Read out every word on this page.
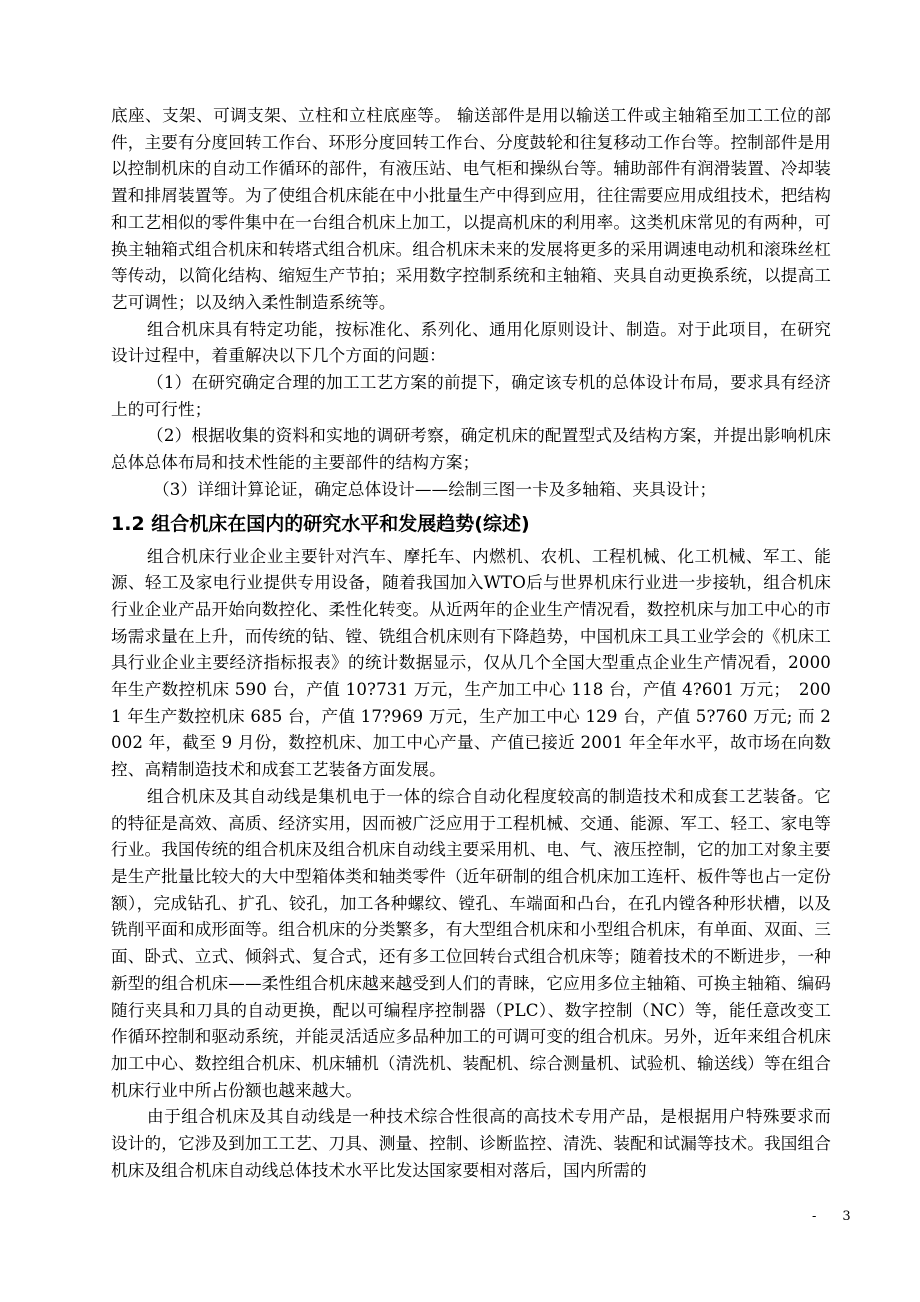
底座、支架、可调支架、立柱和立柱底座等。 输送部件是用以输送工件或主轴箱至加工工位的部件，主要有分度回转工作台、环形分度回转工作台、分度鼓轮和往复移动工作台等。控制部件是用以控制机床的自动工作循环的部件，有液压站、电气柜和操纵台等。辅助部件有润滑装置、冷却装置和排屑装置等。为了使组合机床能在中小批量生产中得到应用，往往需要应用成组技术，把结构和工艺相似的零件集中在一台组合机床上加工，以提高机床的利用率。这类机床常见的有两种，可换主轴箱式组合机床和转塔式组合机床。组合机床未来的发展将更多的采用调速电动机和滚珠丝杠等传动，以简化结构、缩短生产节拍；采用数字控制系统和主轴箱、夹具自动更换系统，以提高工艺可调性；以及纳入柔性制造系统等。

组合机床具有特定功能，按标准化、系列化、通用化原则设计、制造。对于此项目，在研究设计过程中，着重解决以下几个方面的问题：

（1）在研究确定合理的加工工艺方案的前提下，确定该专机的总体设计布局，要求具有经济上的可行性；

（2）根据收集的资料和实地的调研考察，确定机床的配置型式及结构方案，并提出影响机床总体总体布局和技术性能的主要部件的结构方案；

（3）详细计算论证，确定总体设计——绘制三图一卡及多轴箱、夹具设计；

1.2 组合机床在国内的研究水平和发展趋势(综述)

组合机床行业企业主要针对汽车、摩托车、内燃机、农机、工程机械、化工机械、军工、能源、轻工及家电行业提供专用设备，随着我国加入WTO后与世界机床行业进一步接轨，组合机床行业企业产品开始向数控化、柔性化转变。从近两年的企业生产情况看，数控机床与加工中心的市场需求量在上升，而传统的钻、镗、铣组合机床则有下降趋势，中国机床工具工业学会的《机床工具行业企业主要经济指标报表》的统计数据显示，仅从几个全国大型重点企业生产情况看，2000 年生产数控机床 590 台，产值 10?731 万元，生产加工中心 118 台，产值 4?601 万元；　2001 年生产数控机床 685 台，产值 17?969 万元，生产加工中心 129 台，产值 5?760 万元; 而 2002 年，截至 9 月份，数控机床、加工中心产量、产值已接近 2001 年全年水平，故市场在向数控、高精制造技术和成套工艺装备方面发展。

组合机床及其自动线是集机电于一体的综合自动化程度较高的制造技术和成套工艺装备。它的特征是高效、高质、经济实用，因而被广泛应用于工程机械、交通、能源、军工、轻工、家电等行业。我国传统的组合机床及组合机床自动线主要采用机、电、气、液压控制，它的加工对象主要是生产批量比较大的大中型箱体类和轴类零件（近年研制的组合机床加工连杆、板件等也占一定份额），完成钻孔、扩孔、铰孔，加工各种螺纹、镗孔、车端面和凸台，在孔内镗各种形状槽，以及铣削平面和成形面等。组合机床的分类繁多，有大型组合机床和小型组合机床，有单面、双面、三面、卧式、立式、倾斜式、复合式，还有多工位回转台式组合机床等；随着技术的不断进步，一种新型的组合机床——柔性组合机床越来越受到人们的青睐，它应用多位主轴箱、可换主轴箱、编码随行夹具和刀具的自动更换，配以可编程序控制器（PLC）、数字控制（NC）等，能任意改变工作循环控制和驱动系统，并能灵活适应多品种加工的可调可变的组合机床。另外，近年来组合机床加工中心、数控组合机床、机床辅机（清洗机、装配机、综合测量机、试验机、输送线）等在组合机床行业中所占份额也越来越大。

由于组合机床及其自动线是一种技术综合性很高的高技术专用产品，是根据用户特殊要求而设计的，它涉及到加工工艺、刀具、测量、控制、诊断监控、清洗、装配和试漏等技术。我国组合机床及组合机床自动线总体技术水平比发达国家要相对落后，国内所需的

- 3
